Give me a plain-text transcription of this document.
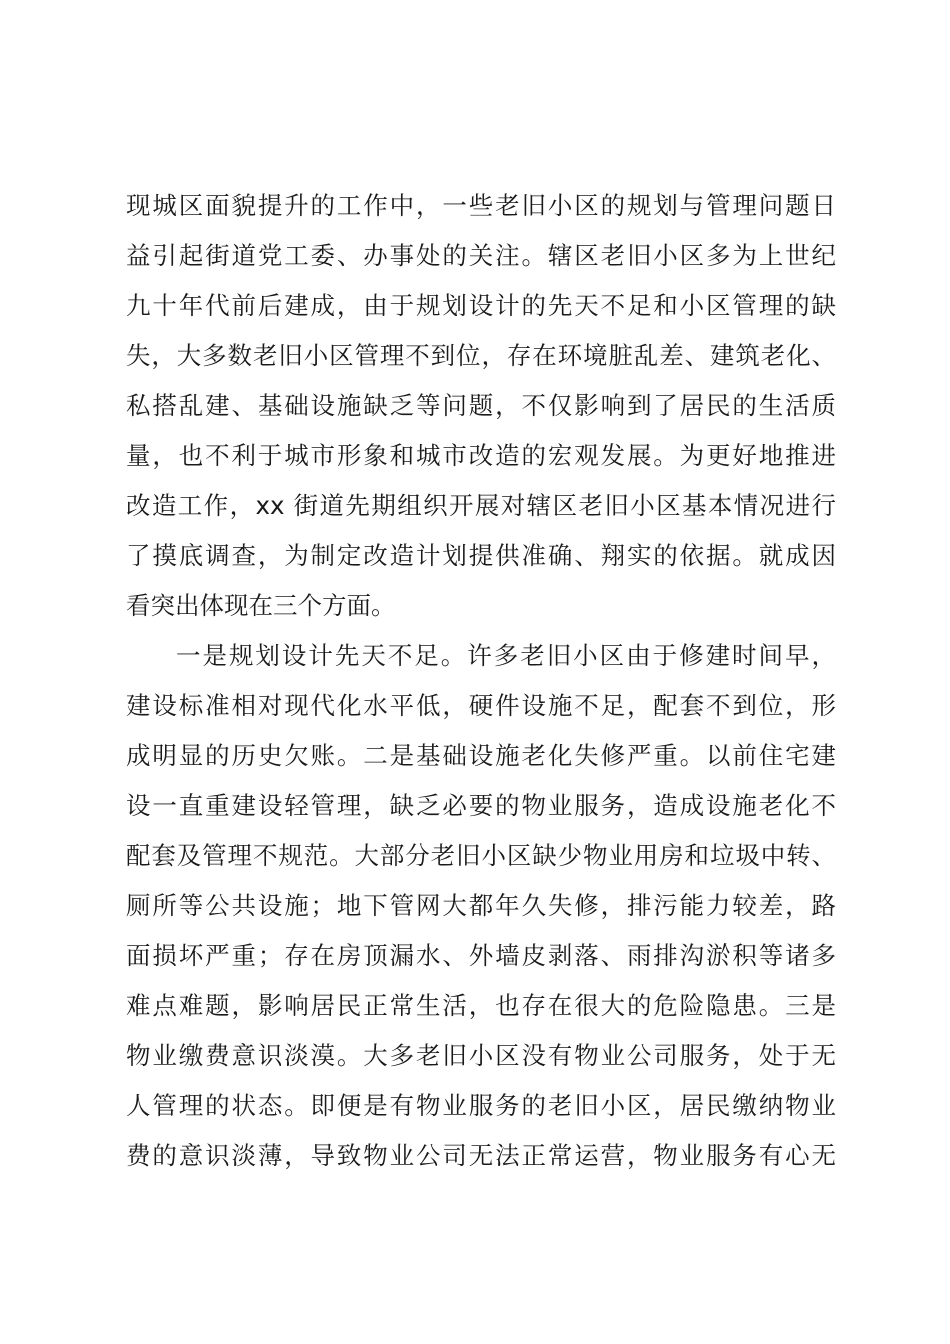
现城区面貌提升的工作中，一些老旧小区的规划与管理问题日
益引起街道党工委、办事处的关注。辖区老旧小区多为上世纪
九十年代前后建成，由于规划设计的先天不足和小区管理的缺
失，大多数老旧小区管理不到位，存在环境脏乱差、建筑老化、
私搭乱建、基础设施缺乏等问题，不仅影响到了居民的生活质
量，也不利于城市形象和城市改造的宏观发展。为更好地推进
改造工作，xx 街道先期组织开展对辖区老旧小区基本情况进行
了摸底调查，为制定改造计划提供准确、翔实的依据。就成因
看突出体现在三个方面。
一是规划设计先天不足。许多老旧小区由于修建时间早，
建设标准相对现代化水平低，硬件设施不足，配套不到位，形
成明显的历史欠账。二是基础设施老化失修严重。以前住宅建
设一直重建设轻管理，缺乏必要的物业服务，造成设施老化不
配套及管理不规范。大部分老旧小区缺少物业用房和垃圾中转、
厕所等公共设施；地下管网大都年久失修，排污能力较差，路
面损坏严重；存在房顶漏水、外墙皮剥落、雨排沟淤积等诸多
难点难题，影响居民正常生活，也存在很大的危险隐患。三是
物业缴费意识淡漠。大多老旧小区没有物业公司服务，处于无
人管理的状态。即便是有物业服务的老旧小区，居民缴纳物业
费的意识淡薄，导致物业公司无法正常运营，物业服务有心无
